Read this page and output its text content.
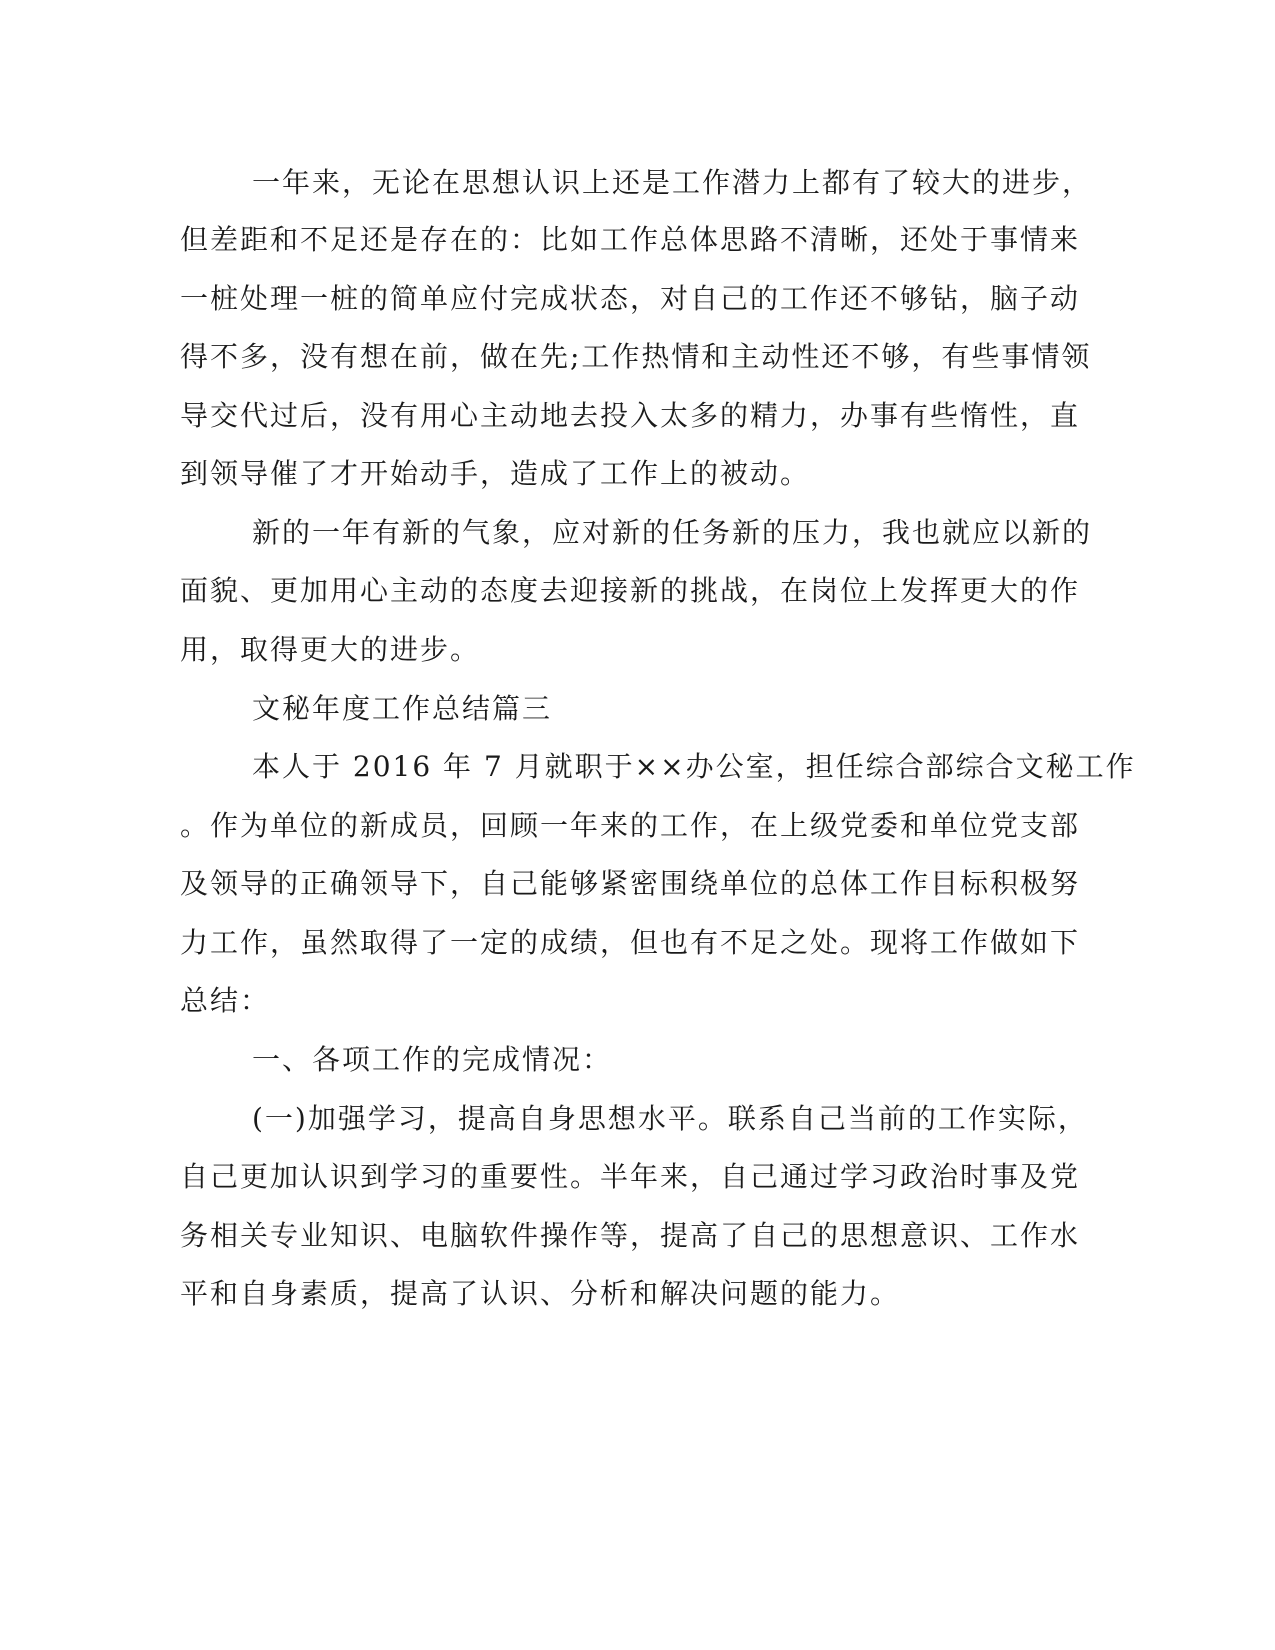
一年来，无论在思想认识上还是工作潜力上都有了较大的进步，

但差距和不足还是存在的：比如工作总体思路不清晰，还处于事情来

一桩处理一桩的简单应付完成状态，对自己的工作还不够钻，脑子动

得不多，没有想在前，做在先;工作热情和主动性还不够，有些事情领

导交代过后，没有用心主动地去投入太多的精力，办事有些惰性，直

到领导催了才开始动手，造成了工作上的被动。

新的一年有新的气象，应对新的任务新的压力，我也就应以新的

面貌、更加用心主动的态度去迎接新的挑战，在岗位上发挥更大的作

用，取得更大的进步。

文秘年度工作总结篇三

本人于 2016 年 7 月就职于××办公室，担任综合部综合文秘工作

。作为单位的新成员，回顾一年来的工作，在上级党委和单位党支部

及领导的正确领导下，自己能够紧密围绕单位的总体工作目标积极努

力工作，虽然取得了一定的成绩，但也有不足之处。现将工作做如下

总结：

一、各项工作的完成情况：

(一)加强学习，提高自身思想水平。联系自己当前的工作实际，

自己更加认识到学习的重要性。半年来，自己通过学习政治时事及党

务相关专业知识、电脑软件操作等，提高了自己的思想意识、工作水

平和自身素质，提高了认识、分析和解决问题的能力。
